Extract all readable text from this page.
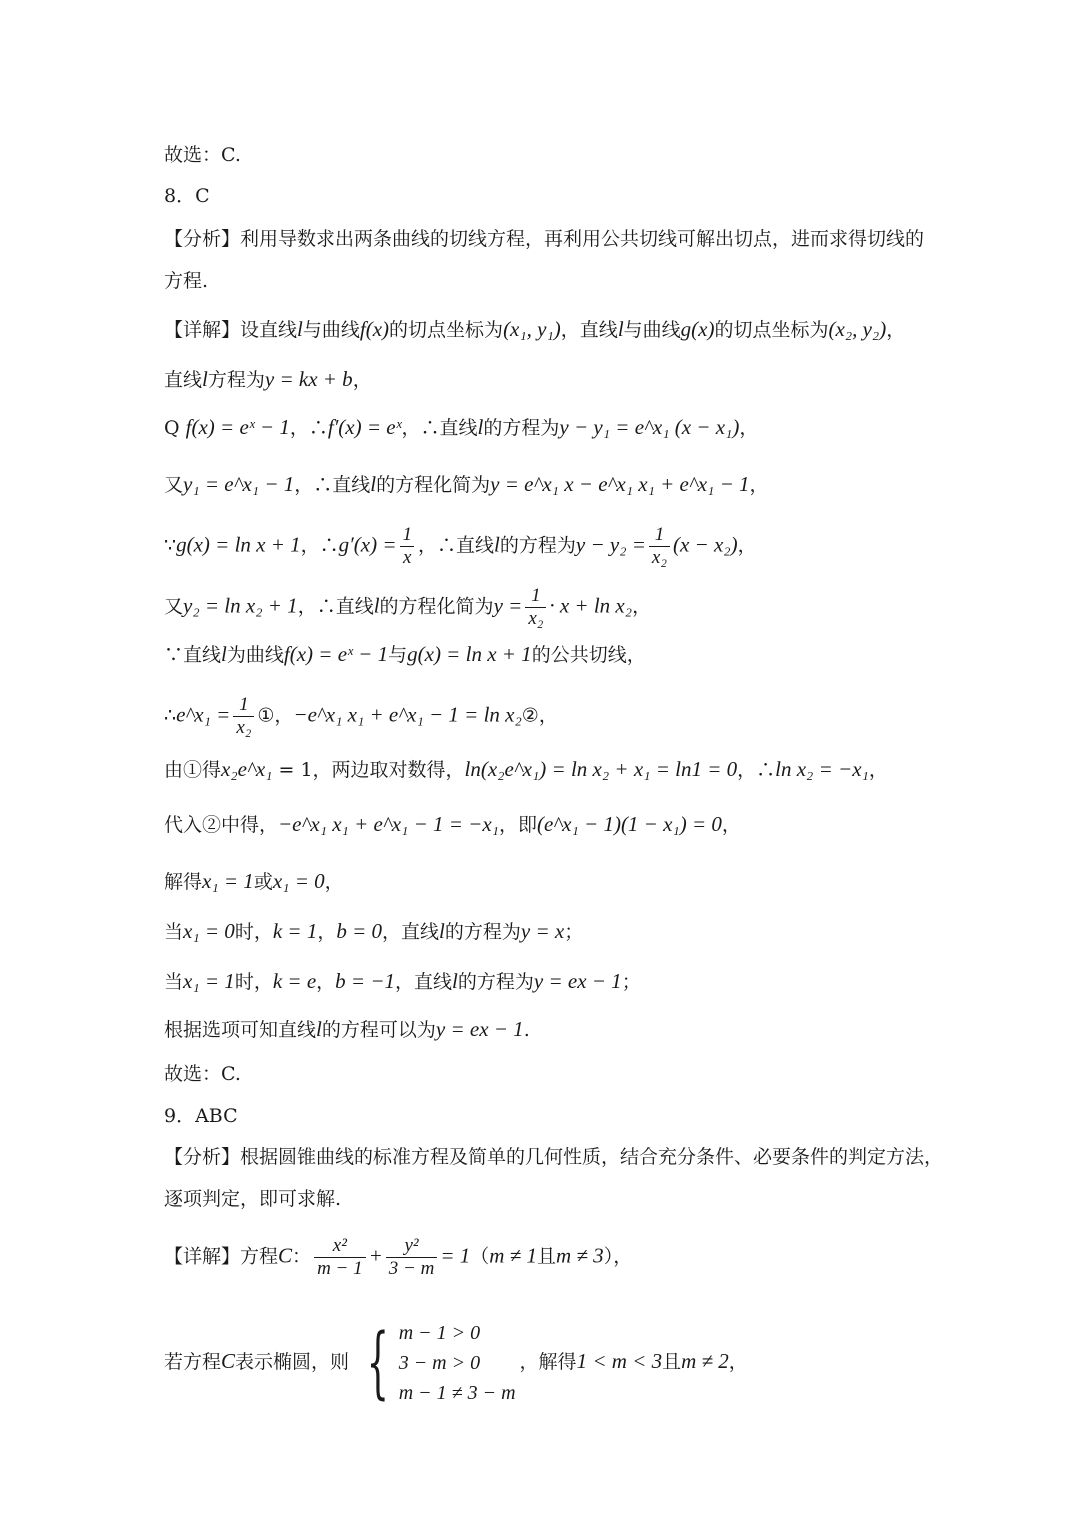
故选：C.
8．C
【分析】利用导数求出两条曲线的切线方程，再利用公共切线可解出切点，进而求得切线的
方程.
【详解】设直线l与曲线f(x)的切点坐标为(x₁, y₁)，直线l与曲线g(x)的切点坐标为(x₂, y₂)，
直线l方程为y = kx + b，
Q f(x) = eˣ − 1，∴f′(x) = eˣ，∴直线l的方程为y − y₁ = e^x₁ (x − x₁)，
又y₁ = e^x₁ − 1，∴直线l的方程化简为y = e^x₁ x − e^x₁ x₁ + e^x₁ − 1，
∵g(x) = ln x + 1，∴g′(x) = $\frac{1}{x}$ ，∴直线l的方程为$y - y_2 = \frac{1}{\text{x₂}} (x - x_2)$，
又y₂ = ln x₂ + 1，∴直线l的方程化简为$y = \frac{1}{\text{x₂}} \cdot x + \ln x_2$，
∵直线l为曲线f(x) = eˣ − 1与g(x) = ln x + 1的公共切线，
∴e^x₁ = $\frac{1}{\text{x₂}}$ ①，−e^x₁ x₁ + e^x₁ − 1 = ln x₂②，
由①得x₂e^x₁ = 1，两边取对数得，ln(x₂e^x₁) = ln x₂ + x₁ = ln1 = 0，∴ln x₂ = −x₁，
代入②中得，−e^x₁ x₁ + e^x₁ − 1 = −x₁，即(e^x₁ − 1)(1 − x₁) = 0，
解得x₁ = 1或x₁ = 0，
当x₁ = 0时，k = 1，b = 0，直线l的方程为y = x；
当x₁ = 1时，k = e，b = −1，直线l的方程为y = ex − 1；
根据选项可知直线l的方程可以为y = ex − 1.
故选：C.
9．ABC
【分析】根据圆锥曲线的标准方程及简单的几何性质，结合充分条件、必要条件的判定方法，
逐项判定，即可求解.
【详解】方程C： $\frac{\text{x²}}{m - 1} + \frac{\text{y²}}{3 - m} = 1(m \ne 1$且m ≠ 3），
若方程C表示椭圆，则 { m − 1 > 0
3 − m > 0
m − 1 ≠ 3 − m
，解得1 < m < 3且m ≠ 2，
